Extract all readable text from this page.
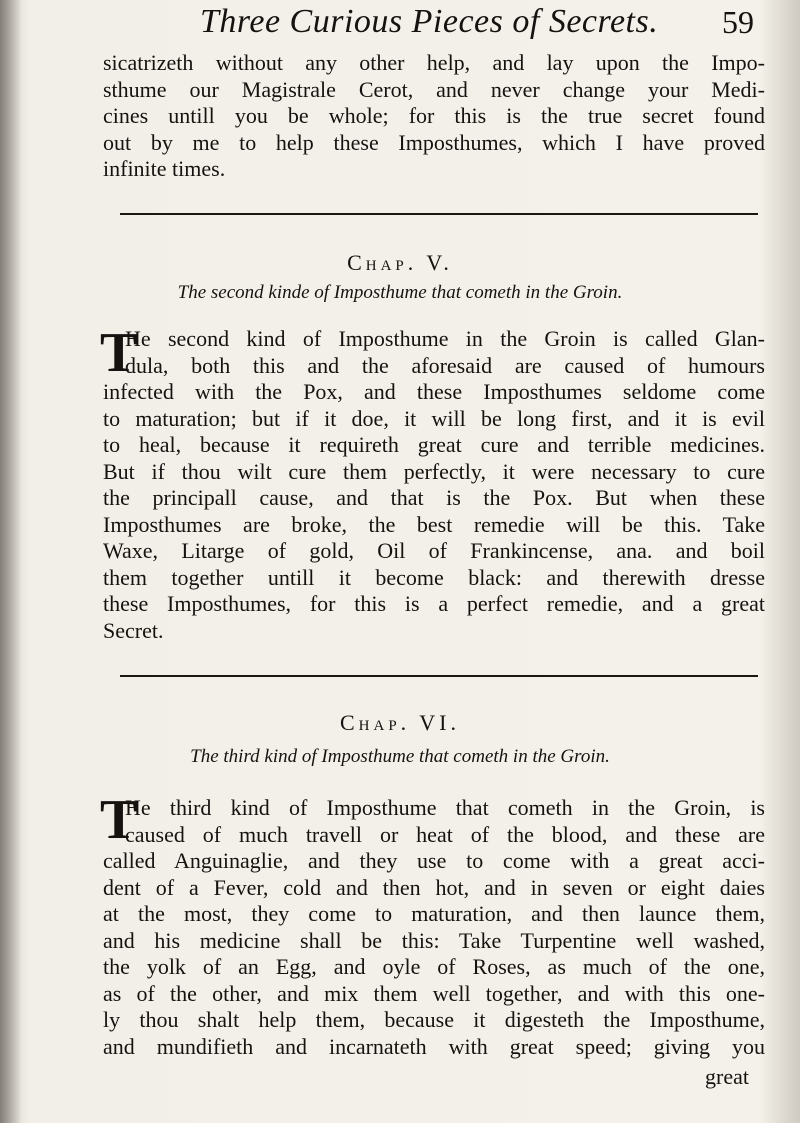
Three Curious Pieces of Secrets. 59
sicatrizeth without any other help, and lay upon the Impo-
sthume our Magistrale Cerot, and never change your Medi-
cines untill you be whole; for this is the true secret found
out by me to help these Imposthumes, which I have proved
infinite times.
Chap. V.
The second kinde of Imposthume that cometh in the Groin.
T
He second kind of Imposthume in the Groin is called Glan-
dula, both this and the aforesaid are caused of humours
infected with the Pox, and these Imposthumes seldome come
to maturation; but if it doe, it will be long first, and it is evil
to heal, because it requireth great cure and terrible medicines.
But if thou wilt cure them perfectly, it were necessary to cure
the principall cause, and that is the Pox. But when these
Imposthumes are broke, the best remedie will be this. Take
Waxe, Litarge of gold, Oil of Frankincense, ana. and boil
them together untill it become black: and therewith dresse
these Imposthumes, for this is a perfect remedie, and a great
Secret.
Chap. VI.
The third kind of Imposthume that cometh in the Groin.
T
He third kind of Imposthume that cometh in the Groin, is
caused of much travell or heat of the blood, and these are
called Anguinaglie, and they use to come with a great acci-
dent of a Fever, cold and then hot, and in seven or eight daies
at the most, they come to maturation, and then launce them,
and his medicine shall be this: Take Turpentine well washed,
the yolk of an Egg, and oyle of Roses, as much of the one,
as of the other, and mix them well together, and with this one-
ly thou shalt help them, because it digesteth the Imposthume,
and mundifieth and incarnateth with great speed; giving you
great
